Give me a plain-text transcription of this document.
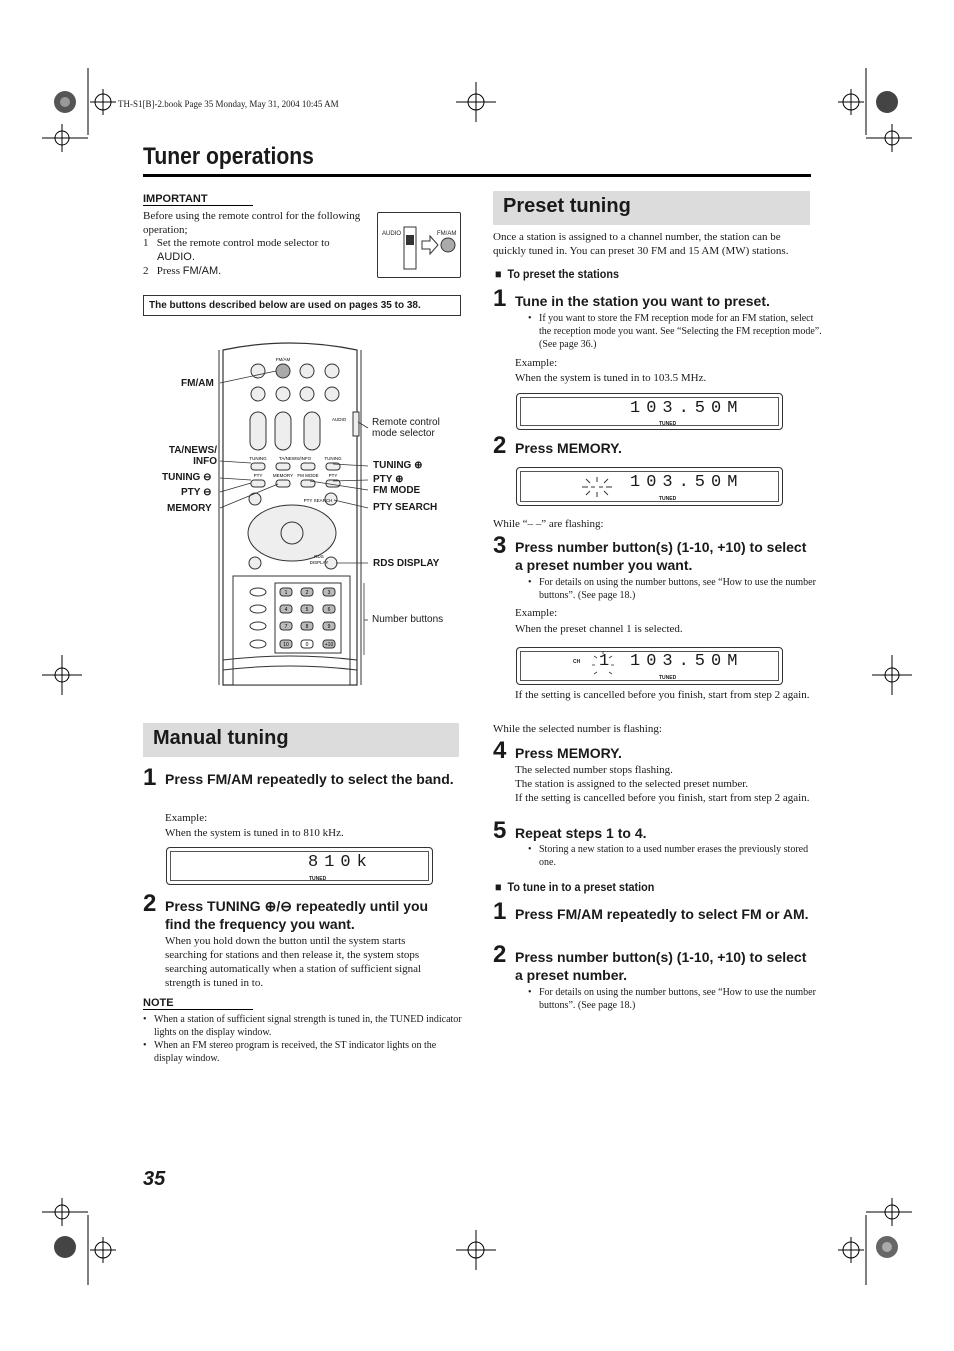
TH-S1[B]-2.book Page 35 Monday, May 31, 2004 10:45 AM
Tuner operations
IMPORTANT
Before using the remote control for the following operation;
1 Set the remote control mode selector to
AUDIO.
2 Press FM/AM.
AUDIO	FM/AM
The buttons described below are used on pages 35 to 38.
FM/AM
AUDIO
TUNING	TA/NEWS/INFO	TUNING
PTY MEMORY FM MODE PTY
PTY SEARCH
RDS
DISPLAY
1	2	3
4	5	6
7	8	9
10	0	+10
FM/AM
TA/NEWS/
INFO
TUNING ⊖
PTY ⊖
MEMORY
Remote control
mode selector
TUNING ⊕
PTY ⊕
FM MODE
PTY SEARCH
RDS DISPLAY
Number buttons
Manual tuning
1 Press FM/AM repeatedly to select the band.
Example:
When the system is tuned in to 810 kHz.
810k
TUNED
2 Press TUNING ⊕/⊖ repeatedly until you find the frequency you want.
When you hold down the button until the system starts searching for stations and then release it, the system stops searching automatically when a station of sufficient signal strength is tuned in to.
NOTE
• When a station of sufficient signal strength is tuned in, the TUNED indicator lights on the display window.
• When an FM stereo program is received, the ST indicator lights on the display window.
Preset tuning
Once a station is assigned to a channel number, the station can be quickly tuned in. You can preset 30 FM and 15 AM (MW) stations.
■ To preset the stations
1 Tune in the station you want to preset.
• If you want to store the FM reception mode for an FM station, select the reception mode you want. See “Selecting the FM reception mode”. (See page 36.)
Example:
When the system is tuned in to 103.5 MHz.
103.50M
TUNED
2 Press MEMORY.
103.50M
TUNED
While “– –” are flashing:
3 Press number button(s) (1-10, +10) to select a preset number you want.
• For details on using the number buttons, see “How to use the number buttons”. (See page 18.)
Example:
When the preset channel 1 is selected.
CH 1 103.50M
TUNED
If the setting is cancelled before you finish, start from step 2 again.
While the selected number is flashing:
4 Press MEMORY.
The selected number stops flashing.
The station is assigned to the selected preset number.
If the setting is cancelled before you finish, start from step 2 again.
5 Repeat steps 1 to 4.
• Storing a new station to a used number erases the previously stored one.
■ To tune in to a preset station
1 Press FM/AM repeatedly to select FM or AM.
2 Press number button(s) (1-10, +10) to select a preset number.
• For details on using the number buttons, see “How to use the number buttons”. (See page 18.)
35
